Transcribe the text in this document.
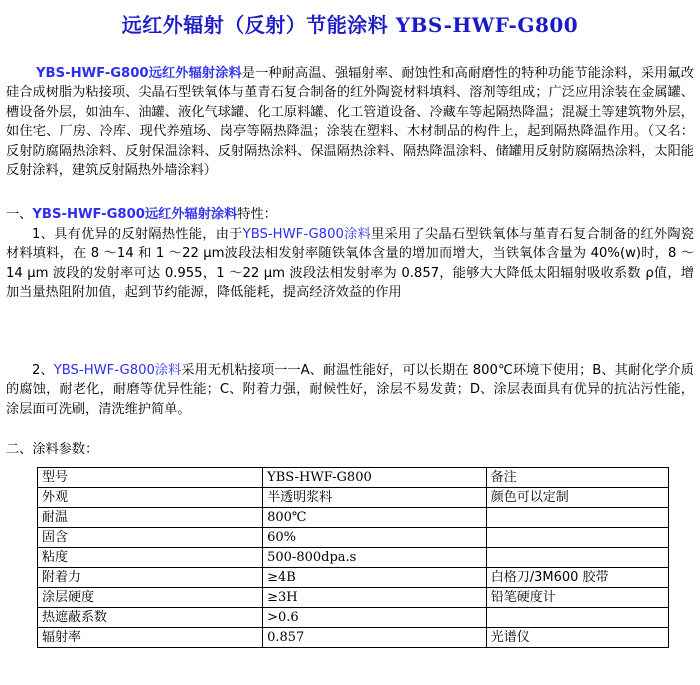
远红外辐射（反射）节能涂料 YBS-HWF-G800
YBS-HWF-G800远红外辐射涂料是一种耐高温、强辐射率、耐蚀性和高耐磨性的特种功能节能涂料，采用氟改硅合成树脂为粘接项、尖晶石型铁氧体与堇青石复合制备的红外陶瓷材料填料、溶剂等组成；广泛应用涂装在金属罐、槽设备外层，如油车、油罐、液化气球罐、化工原料罐、化工管道设备、冷藏车等起隔热降温；混凝土等建筑物外层，如住宅、厂房、冷库、现代养殖场、岗亭等隔热降温；涂装在塑料、木材制品的构件上，起到隔热降温作用。（又名：反射防腐隔热涂料、反射保温涂料、反射隔热涂料、保温隔热涂料、隔热降温涂料、储罐用反射防腐隔热涂料，太阳能反射涂料，建筑反射隔热外墙涂料）
一、YBS-HWF-G800远红外辐射涂料特性：
1、具有优异的反射隔热性能，由于YBS-HWF-G800涂料里采用了尖晶石型铁氧体与堇青石复合制备的红外陶瓷材料填料，在 8 ～14 和 1 ～22 μm波段法相发射率随铁氧体含量的增加而增大，当铁氧体含量为 40%(w)时，8 ～ 14 μm 波段的发射率可达 0.955，1 ～22 μm 波段法相发射率为 0.857，能够大大降低太阳辐射吸收系数 ρ值，增加当量热阻附加值，起到节约能源，降低能耗，提高经济效益的作用
2、YBS-HWF-G800涂料采用无机粘接项一一A、耐温性能好，可以长期在 800℃环境下使用；B、其耐化学介质的腐蚀，耐老化，耐磨等优异性能；C、附着力强，耐候性好，涂层不易发黄；D、涂层表面具有优异的抗沾污性能，涂层面可洗刷，清洗维护简单。
二、涂料参数：
型号	YBS-HWF-G800	备注
外观	半透明浆料	颜色可以定制
耐温	800℃	
固含	60%	
粘度	500-800dpa.s	
附着力	≥4B	白格刀/3M600 胶带
涂层硬度	≥3H	铅笔硬度计
热遮蔽系数	>0.6	
辐射率	0.857	光谱仪
